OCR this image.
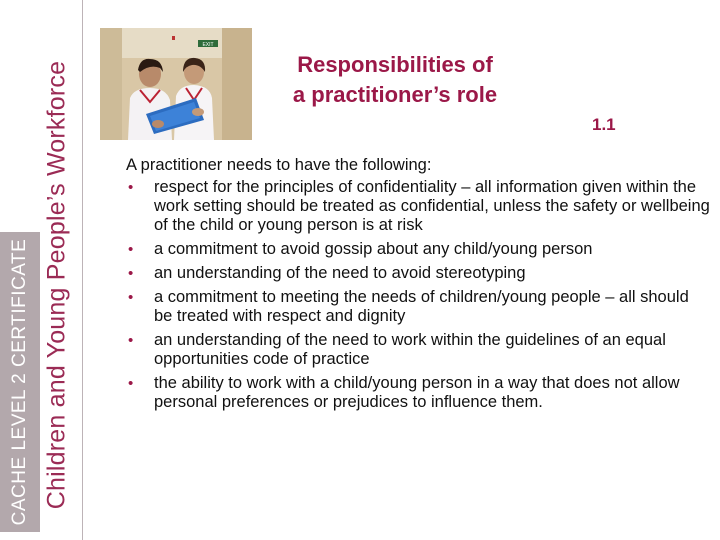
CACHE LEVEL 2 CERTIFICATE Children and Young People’s Workforce
EXIT
Responsibilities of
a practitioner’s role
1.1
A practitioner needs to have the following:
• respect for the principles of confidentiality – all information given within the work setting should be treated as confidential, unless the safety or wellbeing of the child or young person is at risk
• a commitment to avoid gossip about any child/young person
• an understanding of the need to avoid stereotyping
• a commitment to meeting the needs of children/young people – all should be treated with respect and dignity
• an understanding of the need to work within the guidelines of an equal opportunities code of practice
• the ability to work with a child/young person in a way that does not allow personal preferences or prejudices to influence them.
